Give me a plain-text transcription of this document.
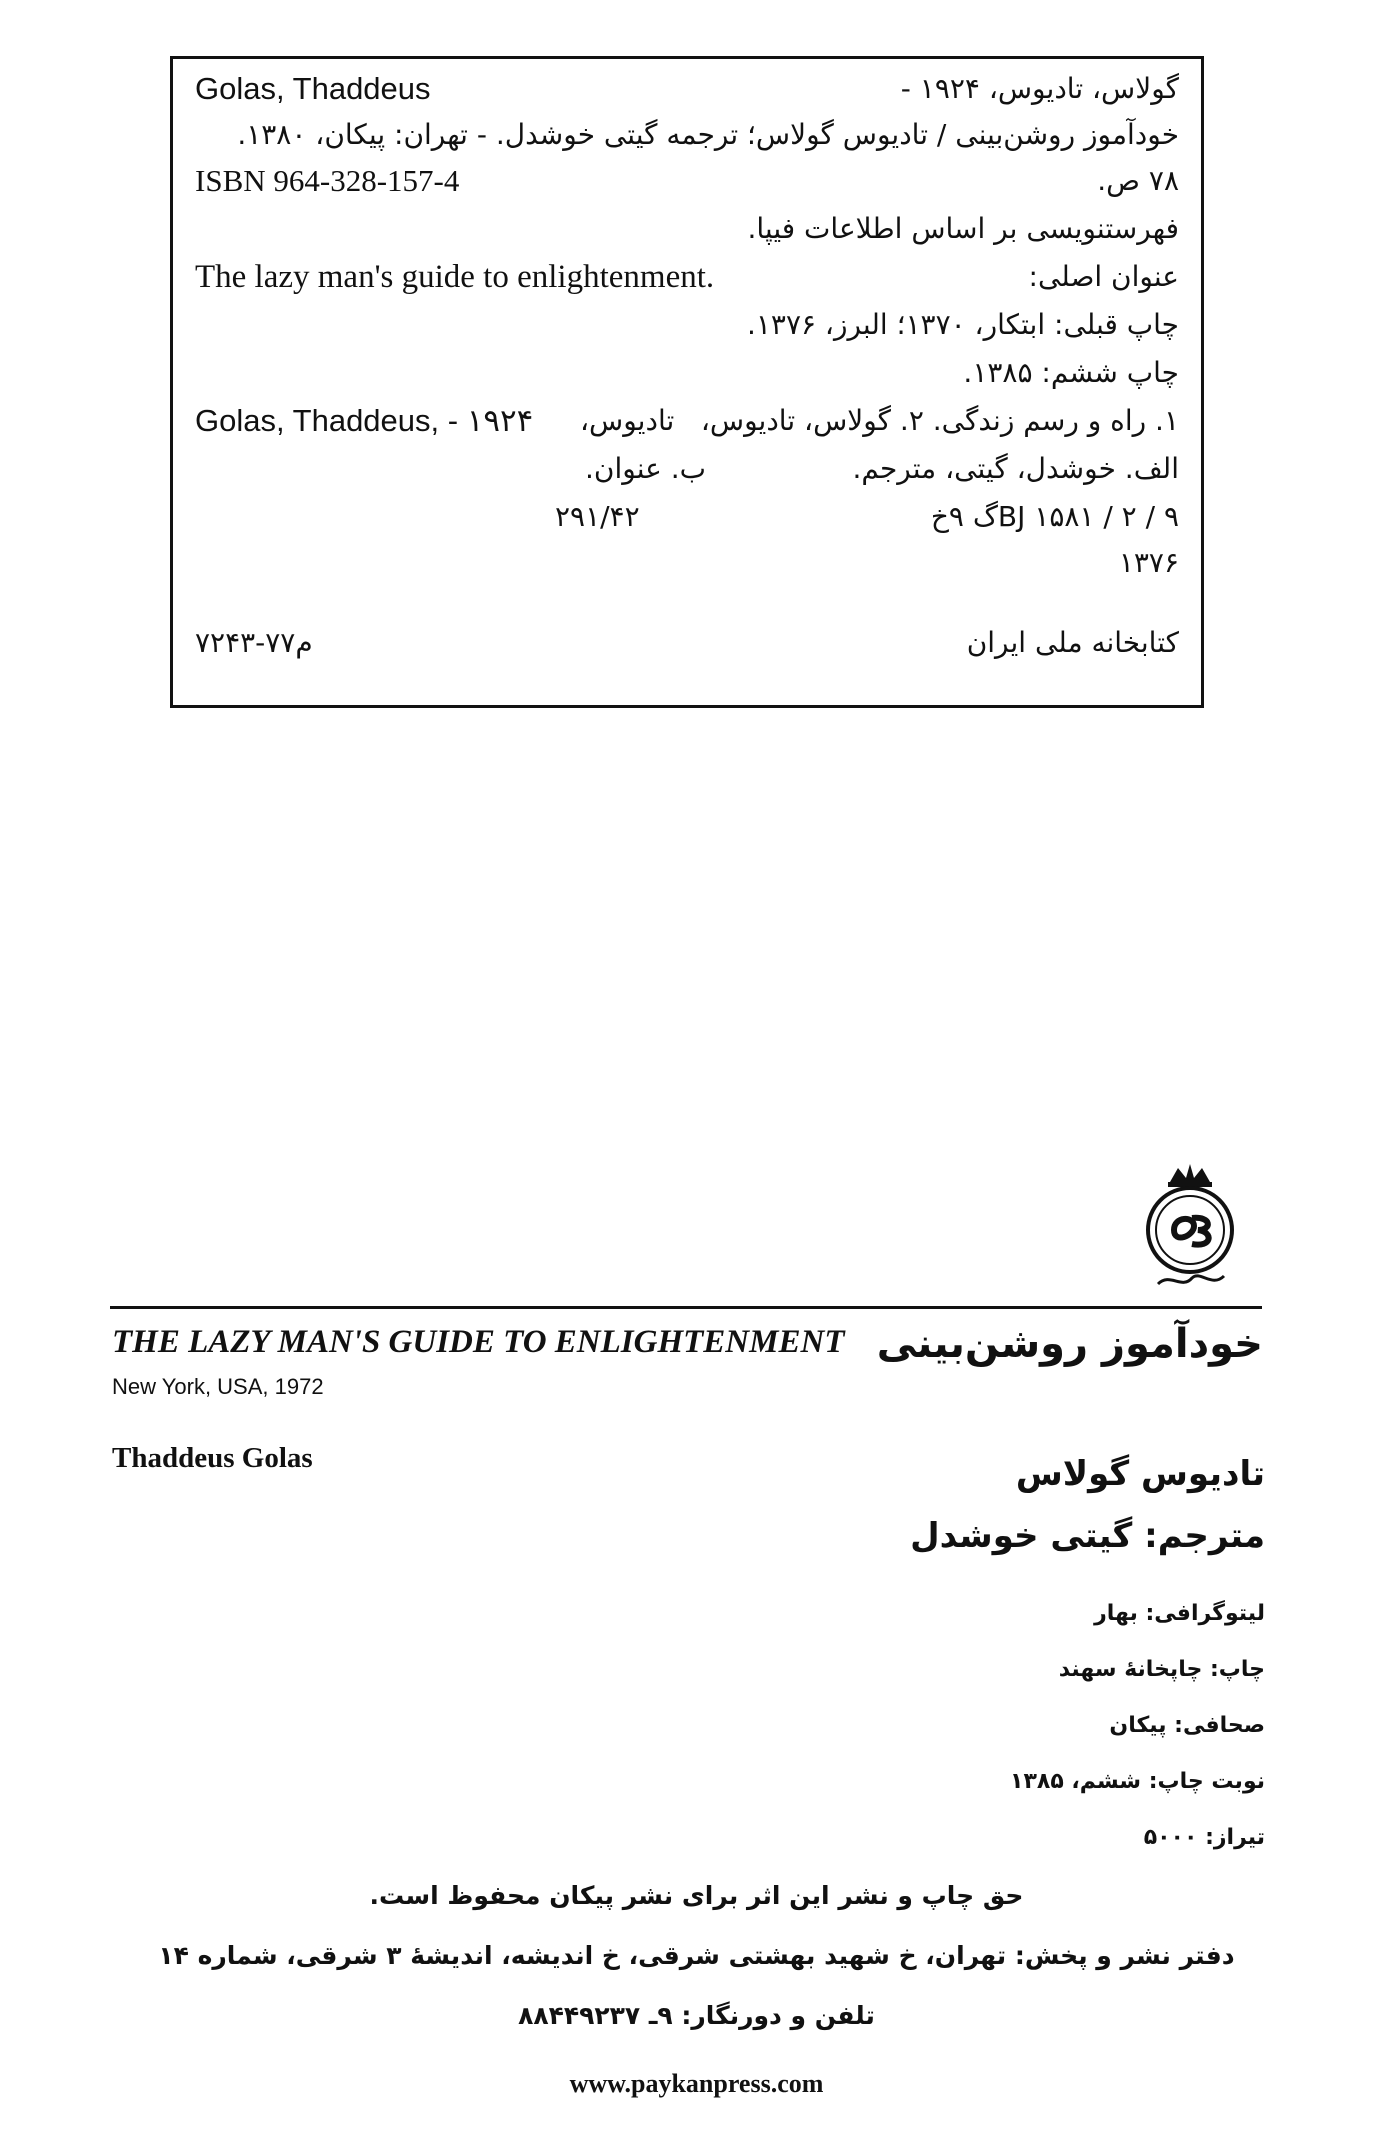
Golas, Thaddeus	گولاس، تادیوس، ۱۹۲۴ -
خودآموز روشن‌بینی / تادیوس گولاس؛ ترجمه گیتی خوشدل. - تهران: پیکان، ۱۳۸۰.
ISBN 964-328-157-4	۷۸ ص.
فهرستنویسی بر اساس اطلاعات فیپا.
The lazy man's guide to enlightenment.	عنوان اصلی:
چاپ قبلی: ابتکار، ۱۳۷۰؛ البرز، ۱۳۷۶.
چاپ ششم: ۱۳۸۵.
Golas, Thaddeus, - ۱۹۲۴ تادیوس، ۱. راه و رسم زندگی. ۲. گولاس، تادیوس،
ب. عنوان.	الف. خوشدل، گیتی، مترجم.
۲۹۱/۴۲	BJ ۱۵۸۱ / ۲ / ۹گ ۹خ
۱۳۷۶
م۷۷-۷۲۴۳	کتابخانه ملی ایران
THE LAZY MAN'S GUIDE TO ENLIGHTENMENT خودآموز روشن‌بینی
New York, USA, 1972
Thaddeus Golas	تادیوس گولاس
مترجم: گیتی خوشدل
لیتوگرافی: بهار
چاپ: چاپخانهٔ سهند
صحافی: پیکان
نوبت چاپ: ششم، ۱۳۸۵
تیراز: ۵۰۰۰
حق چاپ و نشر این اثر برای نشر پیکان محفوظ است.
دفتر نشر و پخش: تهران، خ شهید بهشتی شرقی، خ اندیشه، اندیشهٔ ۳ شرقی، شماره ۱۴
تلفن و دورنگار: ۹ـ ۸۸۴۴۹۲۳۷
www.paykanpress.com
